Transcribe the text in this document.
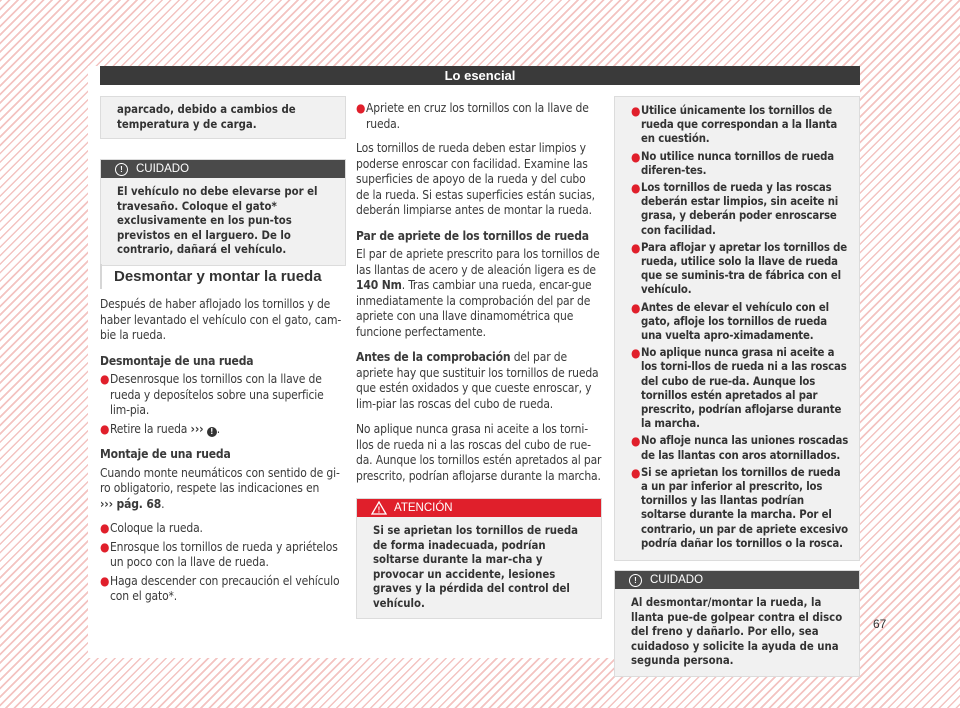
Lo esencial
aparcado, debido a cambios de temperatura y de carga.
!	CUIDADO
El vehículo no debe elevarse por el travesaño. Coloque el gato* exclusivamente en los pun-tos previstos en el larguero. De lo contrario, dañará el vehículo.
Desmontar y montar la rueda

Después de haber aflojado los tornillos y de haber levantado el vehículo con el gato, cam-bie la rueda.

Desmontaje de una rueda

● Desenrosque los tornillos con la llave de rueda y deposítelos sobre una superficie lim-pia.
● Retire la rueda ››› ! .

Montaje de una rueda

Cuando monte neumáticos con sentido de gi-ro obligatorio, respete las indicaciones en
››› pág. 68.

● Coloque la rueda.
● Enrosque los tornillos de rueda y apriételos un poco con la llave de rueda.
● Haga descender con precaución el vehículo con el gato*.
● Apriete en cruz los tornillos con la llave de rueda.

Los tornillos de rueda deben estar limpios y poderse enroscar con facilidad. Examine las superficies de apoyo de la rueda y del cubo de la rueda. Si estas superficies están sucias, deberán limpiarse antes de montar la rueda.

Par de apriete de los tornillos de rueda

El par de apriete prescrito para los tornillos de las llantas de acero y de aleación ligera es de 140 Nm. Tras cambiar una rueda, encar-gue inmediatamente la comprobación del par de apriete con una llave dinamométrica que funcione perfectamente.

Antes de la comprobación del par de apriete hay que sustituir los tornillos de rueda que estén oxidados y que cueste enroscar, y lim-piar las roscas del cubo de rueda.

No aplique nunca grasa ni aceite a los torni-llos de rueda ni a las roscas del cubo de rue-da. Aunque los tornillos estén apretados al par prescrito, podrían aflojarse durante la marcha.

! ATENCIÓN
Si se aprietan los tornillos de rueda de forma inadecuada, podrían soltarse durante la mar-cha y provocar un accidente, lesiones graves y la pérdida del control del vehículo.
● Utilice únicamente los tornillos de rueda que correspondan a la llanta en cuestión.
● No utilice nunca tornillos de rueda diferen-tes.
● Los tornillos de rueda y las roscas deberán estar limpios, sin aceite ni grasa, y deberán poder enroscarse con facilidad.
● Para aflojar y apretar los tornillos de rueda, utilice solo la llave de rueda que se suminis-tra de fábrica con el vehículo.
● Antes de elevar el vehículo con el gato, afloje los tornillos de rueda una vuelta apro-ximadamente.
● No aplique nunca grasa ni aceite a los torni-llos de rueda ni a las roscas del cubo de rue-da. Aunque los tornillos estén apretados al par prescrito, podrían aflojarse durante la marcha.
● No afloje nunca las uniones roscadas de las llantas con aros atornillados.
● Si se aprietan los tornillos de rueda a un par inferior al prescrito, los tornillos y las llantas podrían soltarse durante la marcha. Por el contrario, un par de apriete excesivo podría dañar los tornillos o la rosca.
!	CUIDADO
Al desmontar/montar la rueda, la llanta pue-de golpear contra el disco del freno y dañarlo. Por ello, sea cuidadoso y solicite la ayuda de una segunda persona.
67
